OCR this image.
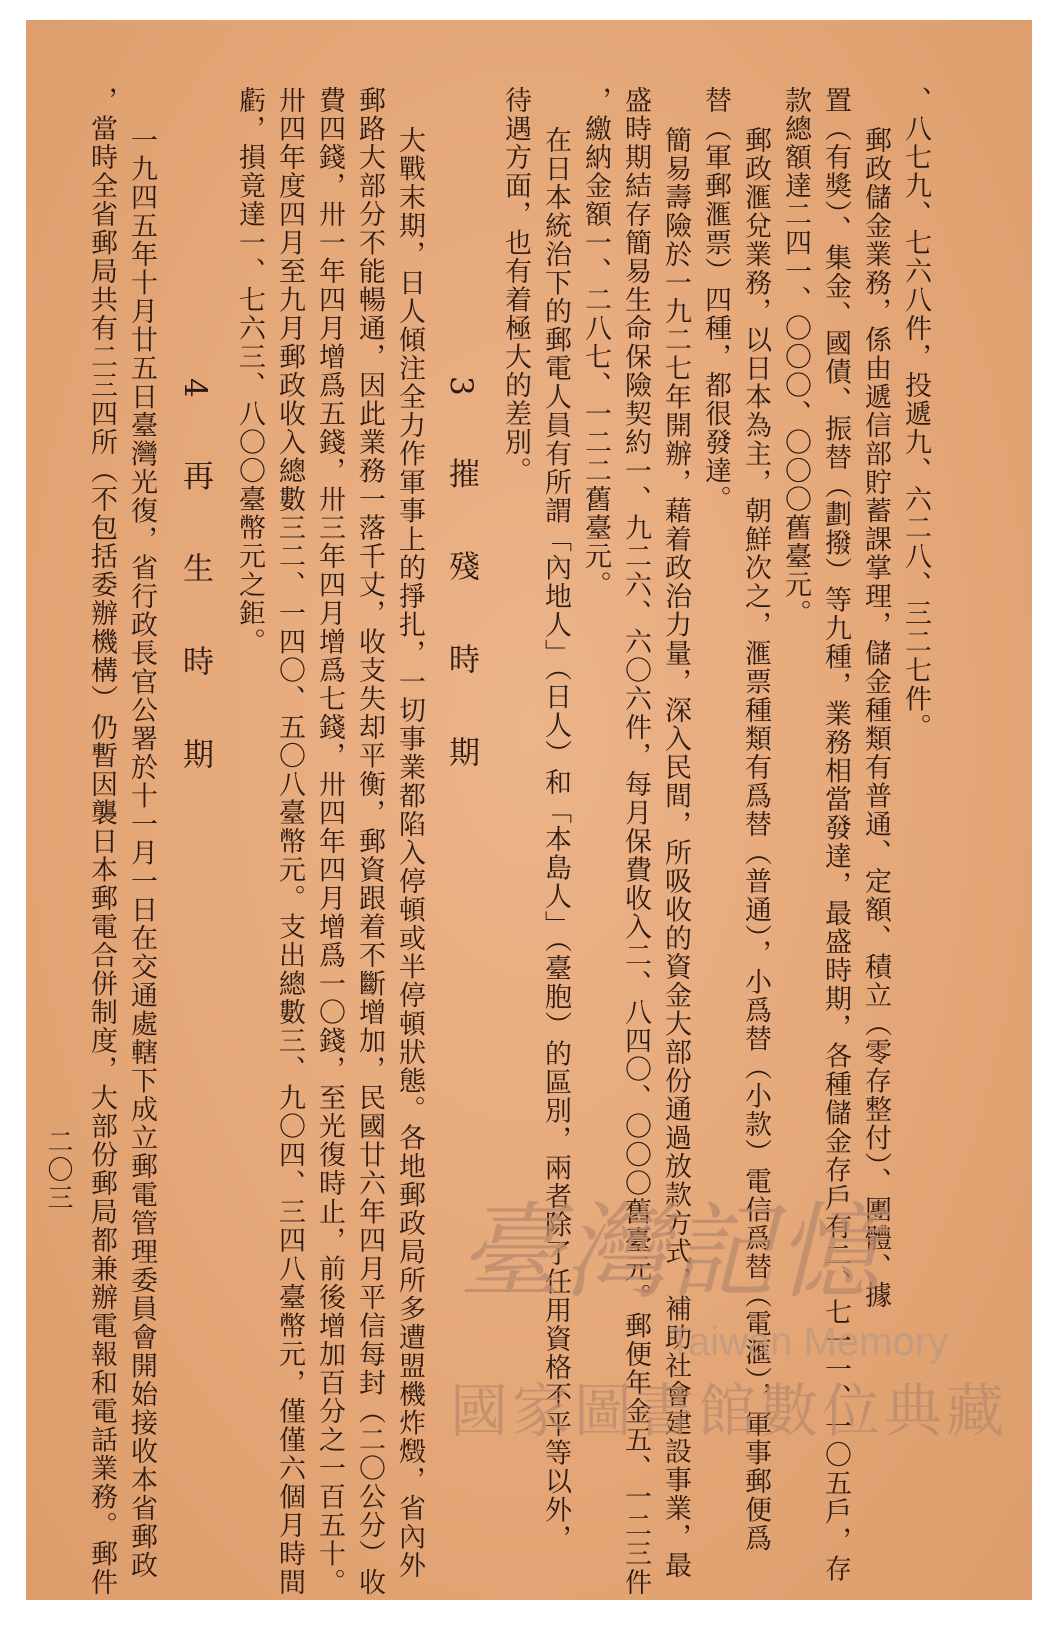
、八七九、七六八件，投遞九、六二八、三二七件。
郵政儲金業務，係由遞信部貯蓄課掌理，儲金種類有普通、定額、積立（零存整付）、團體、據
置（有獎）、集金、國債、振替（劃撥）等九種，業務相當發達，最盛時期，各種儲金存戶有二、七一一、一〇五戶，存
款總額達二四一、〇〇〇、〇〇〇舊臺元。
郵政滙兌業務，以日本為主，朝鮮次之，滙票種類有爲替（普通），小爲替（小款）電信爲替（電滙），軍事郵便爲
替（軍郵滙票）四種，都很發達。
簡易壽險於一九二七年開辦，藉着政治力量，深入民間，所吸收的資金大部份通過放款方式，補助社會建設事業，最
盛時期結存簡易生命保險契約一、九二六、六〇六件，每月保費收入二、八四〇、〇〇〇舊臺元。郵便年金五、一二三件
，繳納金額一、二八七、一二二舊臺元。
在日本統治下的郵電人員有所謂「內地人」（日人）和「本島人」（臺胞）的區別，兩者除了任用資格不平等以外，
待遇方面，也有着極大的差別。
3 摧 殘 時 期
大戰末期，日人傾注全力作軍事上的掙扎，一切事業都陷入停頓或半停頓狀態。各地郵政局所多遭盟機炸燬，省內外
郵路大部分不能暢通，因此業務一落千丈，收支失却平衡，郵資跟着不斷增加，民國廿六年四月平信每封（二〇公分）收
費四錢，卅一年四月增爲五錢，卅三年四月增爲七錢，卅四年四月增爲一〇錢，至光復時止，前後增加百分之一百五十。
卅四年度四月至九月郵政收入總數三二、一四〇、五〇八臺幣元。支出總數三、九〇四、三四八臺幣元，僅僅六個月時間
虧，損竟達一、七六三、八〇〇臺幣元之鉅。
4 再 生 時 期
一九四五年十月廿五日臺灣光復，省行政長官公署於十一月一日在交通處轄下成立郵電管理委員會開始接收本省郵政
，當時全省郵局共有二三四所（不包括委辦機構）仍暫因襲日本郵電合併制度，大部份郵局都兼辦電報和電話業務。郵件
二〇三
臺灣記憶
Taiwan Memory
國家圖書館數位典藏
